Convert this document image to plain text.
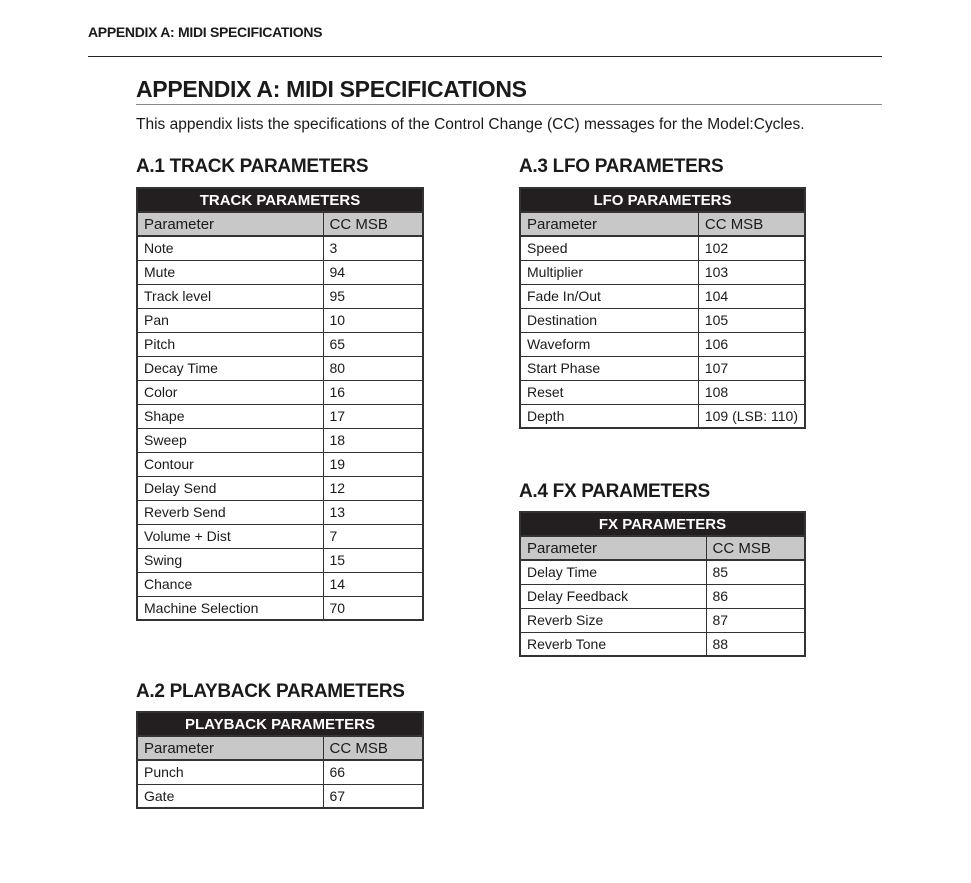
APPENDIX A: MIDI SPECIFICATIONS
APPENDIX A: MIDI SPECIFICATIONS
This appendix lists the specifications of the Control Change (CC) messages for the Model:Cycles.
A.1 TRACK PARAMETERS
TRACK PARAMETERS	
Parameter	CC MSB
Note	3
Mute	94
Track level	95
Pan	10
Pitch	65
Decay Time	80
Color	16
Shape	17
Sweep	18
Contour	19
Delay Send	12
Reverb Send	13
Volume + Dist	7
Swing	15
Chance	14
Machine Selection	70
A.2 PLAYBACK PARAMETERS
PLAYBACK PARAMETERS	
Parameter	CC MSB
Punch	66
Gate	67
A.3 LFO PARAMETERS
LFO PARAMETERS	
Parameter	CC MSB
Speed	102
Multiplier	103
Fade In/Out	104
Destination	105
Waveform	106
Start Phase	107
Reset	108
Depth	109 (LSB: 110)
A.4 FX PARAMETERS
FX PARAMETERS	
Parameter	CC MSB
Delay Time	85
Delay Feedback	86
Reverb Size	87
Reverb Tone	88
